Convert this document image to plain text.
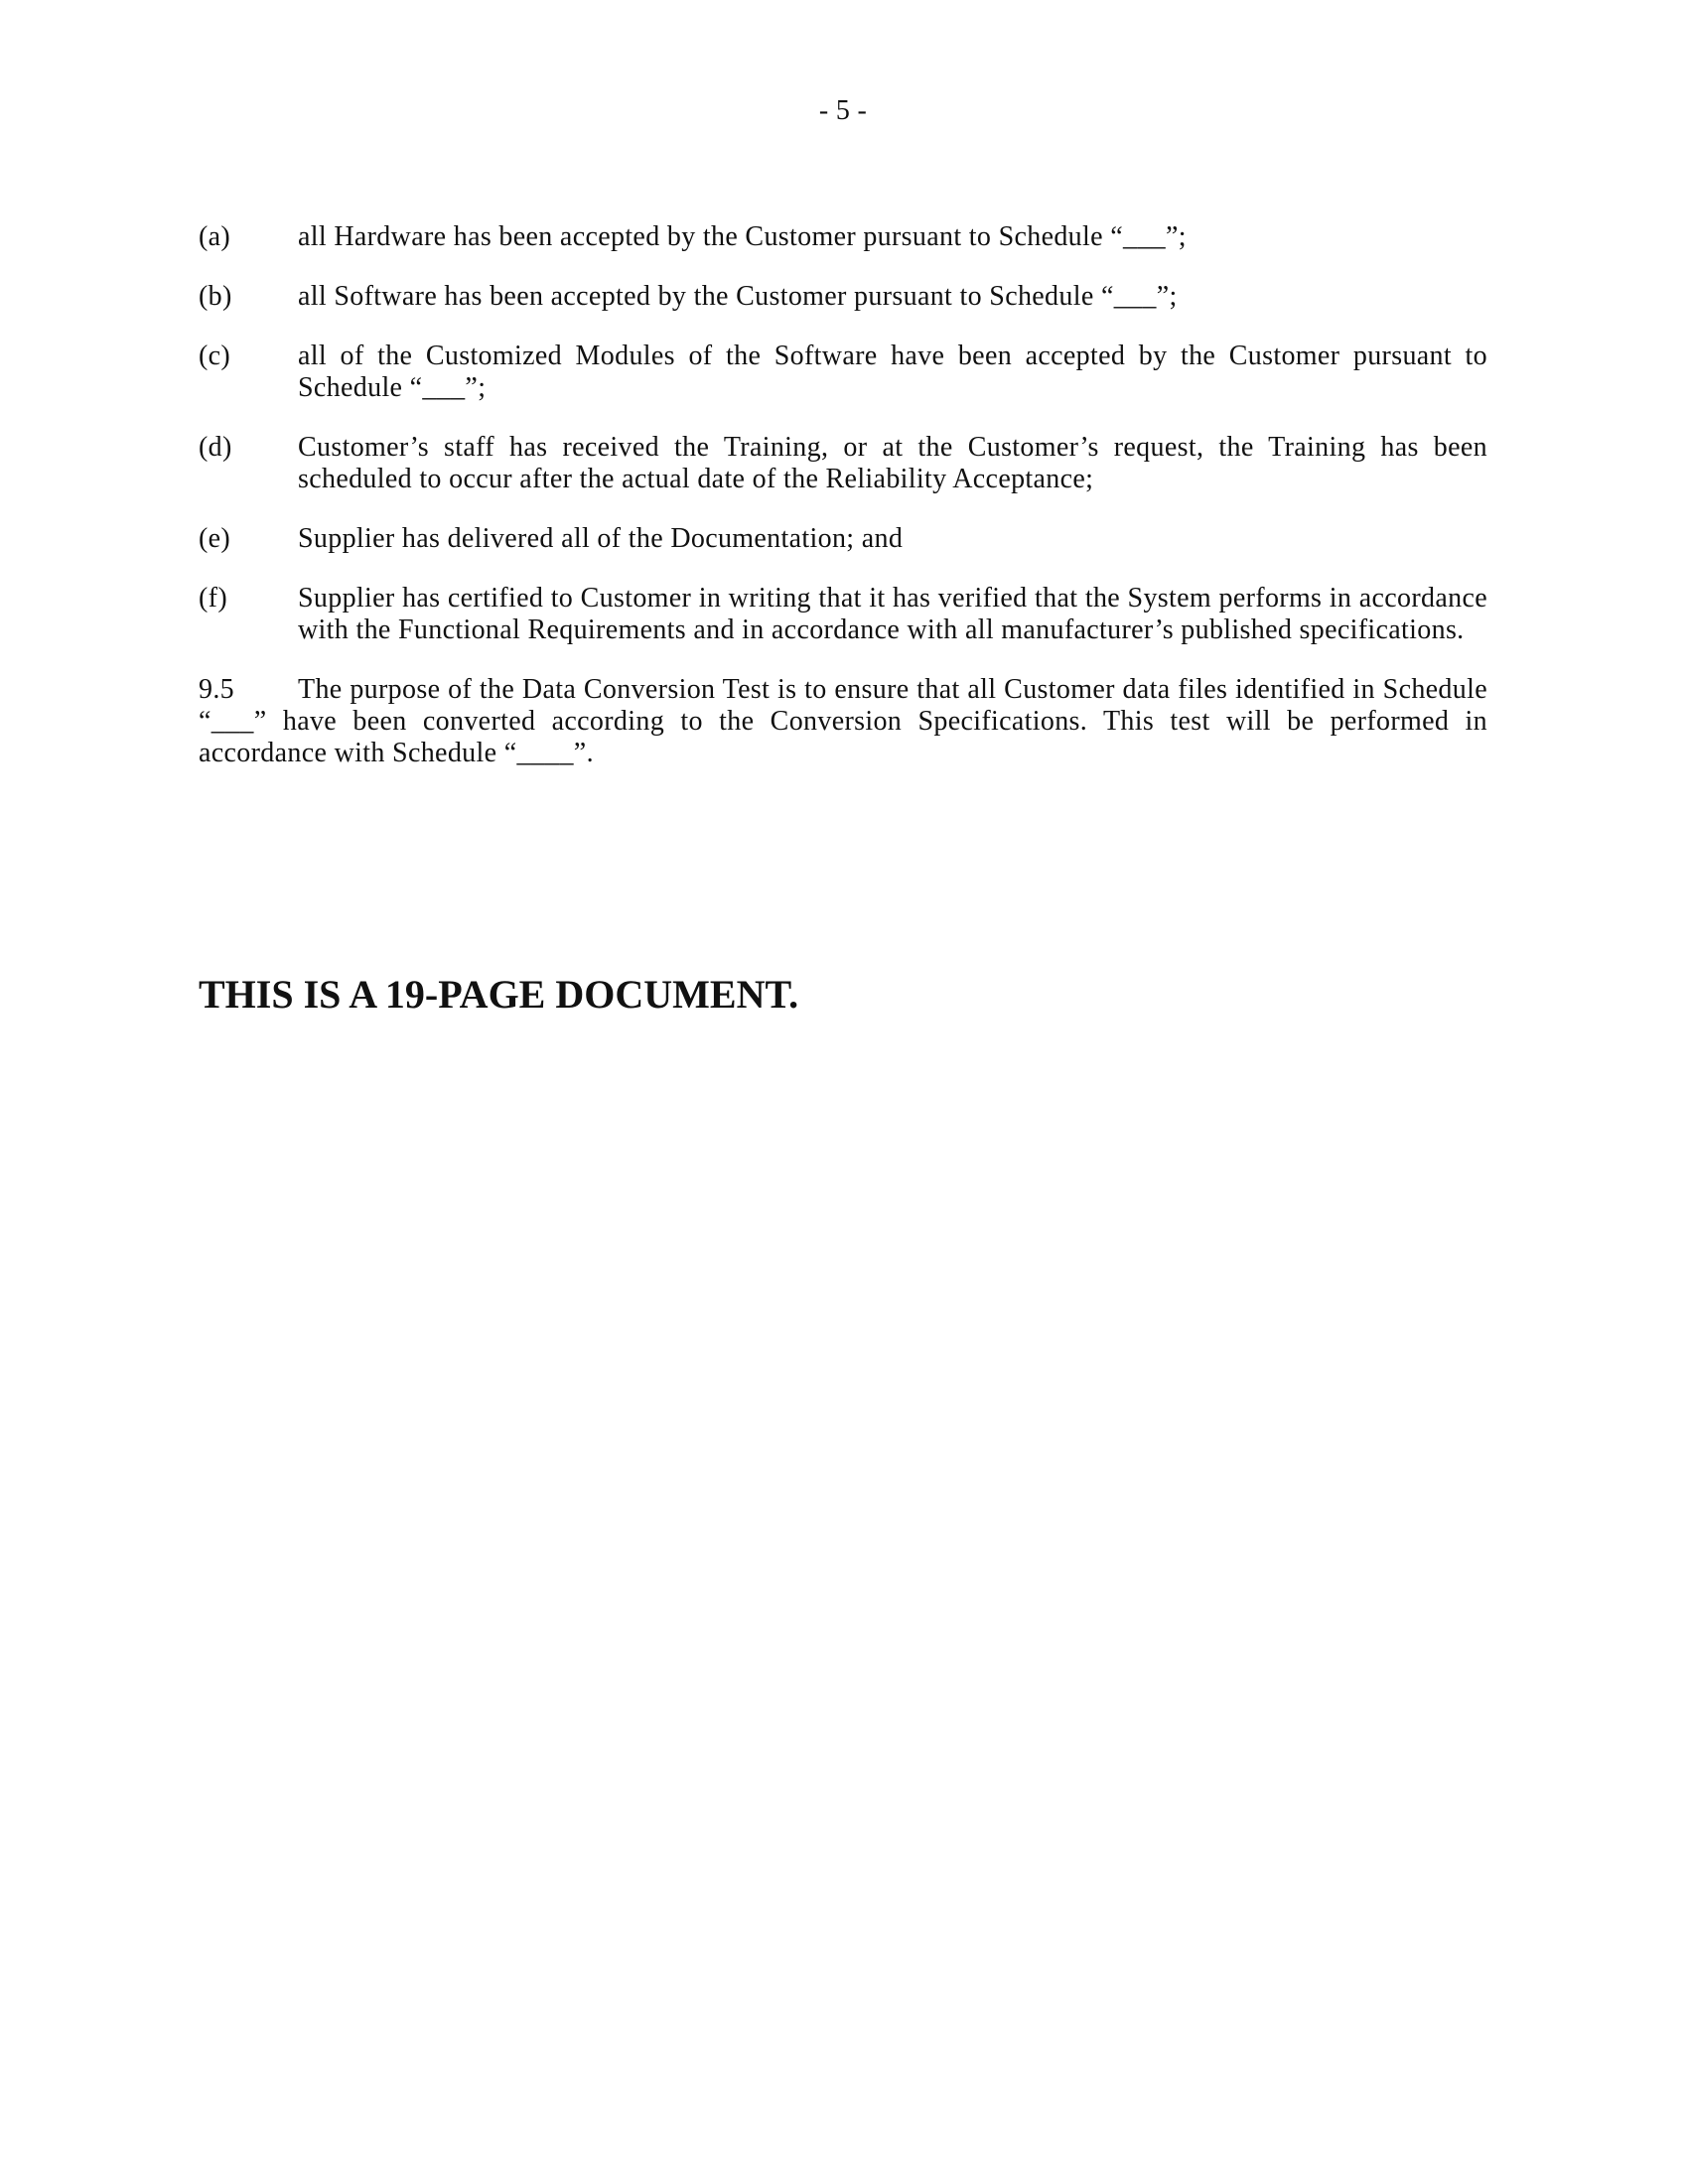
- 5 -
(a)	all Hardware has been accepted by the Customer pursuant to Schedule “___”;
(b)	all Software has been accepted by the Customer pursuant to Schedule “___”;
(c)	all of the Customized Modules of the Software have been accepted by the Customer pursuant to Schedule “___”;
(d)	Customer’s staff has received the Training, or at the Customer’s request, the Training has been scheduled to occur after the actual date of the Reliability Acceptance;
(e)	Supplier has delivered all of the Documentation; and
(f)	Supplier has certified to Customer in writing that it has verified that the System performs in accordance with the Functional Requirements and in accordance with all manufacturer’s published specifications.

9.5 The purpose of the Data Conversion Test is to ensure that all Customer data files identified in Schedule “___” have been converted according to the Conversion Specifications. This test will be performed in accordance with Schedule “____”.

THIS IS A 19-PAGE DOCUMENT.
